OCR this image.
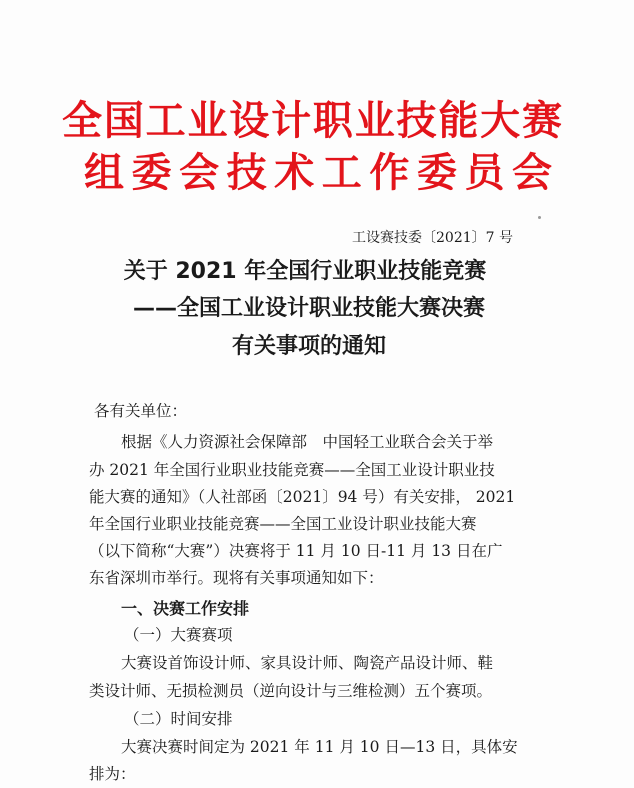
全国工业设计职业技能大赛
组委会技术工作委员会
工设赛技委〔2021〕7 号
关于 2021 年全国行业职业技能竞赛
——全国工业设计职业技能大赛决赛
有关事项的通知
各有关单位：
根据《人力资源社会保障部　中国轻工业联合会关于举
办 2021 年全国行业职业技能竞赛——全国工业设计职业技
能大赛的通知》（人社部函〔2021〕94 号）有关安排， 2021
年全国行业职业技能竞赛——全国工业设计职业技能大赛
（以下简称“大赛”）决赛将于 11 月 10 日-11 月 13 日在广
东省深圳市举行。现将有关事项通知如下：
一、决赛工作安排
（一）大赛赛项
大赛设首饰设计师、家具设计师、陶瓷产品设计师、鞋
类设计师、无损检测员（逆向设计与三维检测）五个赛项。
（二）时间安排
大赛决赛时间定为 2021 年 11 月 10 日—13 日，具体安
排为：
